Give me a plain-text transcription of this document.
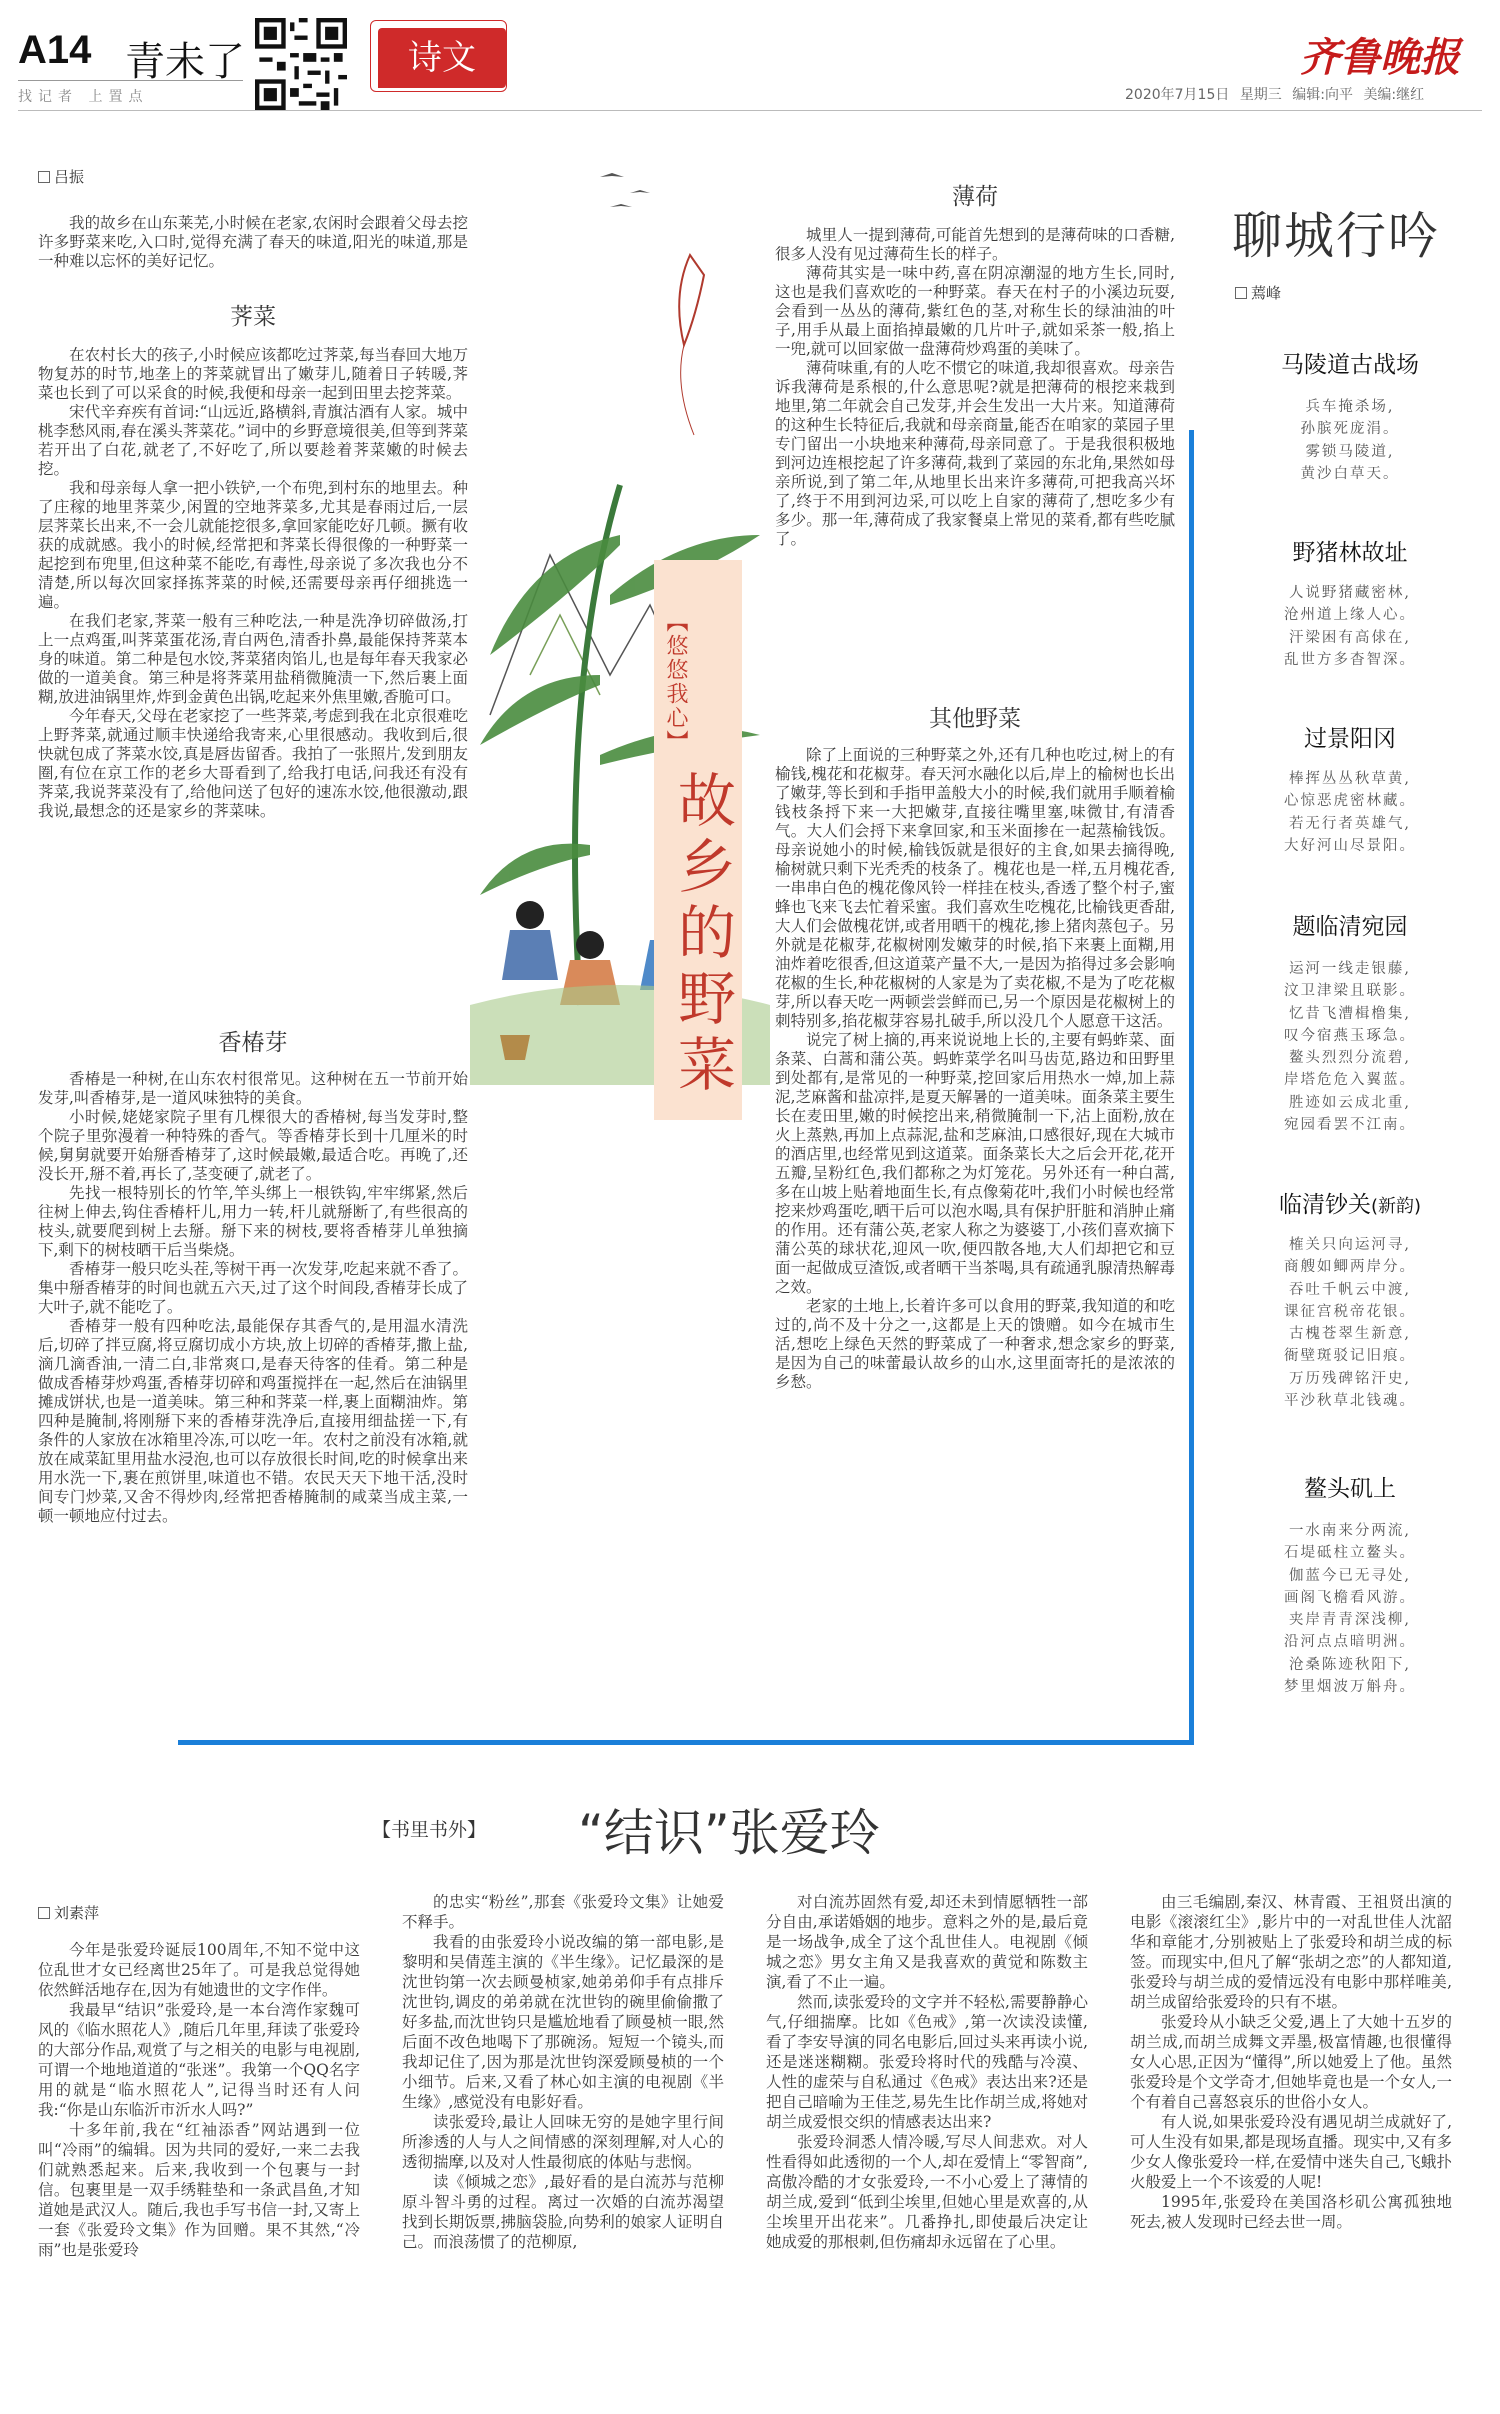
A14 青未了
找记者 上置点
诗文	齐鲁晚报
2020年7月15日 星期三 编辑:向平 美编:继红
吕振

我的故乡在山东莱芜,小时候在老家,农闲时会跟着父母去挖许多野菜来吃,入口时,觉得充满了春天的味道,阳光的味道,那是一种难以忘怀的美好记忆。

荠菜

在农村长大的孩子,小时候应该都吃过荠菜,每当春回大地万物复苏的时节,地垄上的荠菜就冒出了嫩芽儿,随着日子转暖,荠菜也长到了可以采食的时候,我便和母亲一起到田里去挖荠菜。

宋代辛弃疾有首词:“山远近,路横斜,青旗沽酒有人家。城中桃李愁风雨,春在溪头荠菜花。”词中的乡野意境很美,但等到荠菜若开出了白花,就老了,不好吃了,所以要趁着荠菜嫩的时候去挖。

我和母亲每人拿一把小铁铲,一个布兜,到村东的地里去。种了庄稼的地里荠菜少,闲置的空地荠菜多,尤其是春雨过后,一层层荠菜长出来,不一会儿就能挖很多,拿回家能吃好几顿。撅有收获的成就感。我小的时候,经常把和荠菜长得很像的一种野菜一起挖到布兜里,但这种菜不能吃,有毒性,母亲说了多次我也分不清楚,所以每次回家择拣荠菜的时候,还需要母亲再仔细挑选一遍。

在我们老家,荠菜一般有三种吃法,一种是洗净切碎做汤,打上一点鸡蛋,叫荠菜蛋花汤,青白两色,清香扑鼻,最能保持荠菜本身的味道。第二种是包水饺,荠菜猪肉馅儿,也是每年春天我家必做的一道美食。第三种是将荠菜用盐稍微腌渍一下,然后裹上面糊,放进油锅里炸,炸到金黄色出锅,吃起来外焦里嫩,香脆可口。

今年春天,父母在老家挖了一些荠菜,考虑到我在北京很难吃上野荠菜,就通过顺丰快递给我寄来,心里很感动。我收到后,很快就包成了荠菜水饺,真是唇齿留香。我拍了一张照片,发到朋友圈,有位在京工作的老乡大哥看到了,给我打电话,问我还有没有荠菜,我说荠菜没有了,给他问送了包好的速冻水饺,他很激动,跟我说,最想念的还是家乡的荠菜味。

香椿芽

香椿是一种树,在山东农村很常见。这种树在五一节前开始发芽,叫香椿芽,是一道风味独特的美食。

小时候,姥姥家院子里有几棵很大的香椿树,每当发芽时,整个院子里弥漫着一种特殊的香气。等香椿芽长到十几厘米的时候,舅舅就要开始掰香椿芽了,这时候最嫩,最适合吃。再晚了,还没长开,掰不着,再长了,茎变硬了,就老了。

先找一根特别长的竹竿,竿头绑上一根铁钩,牢牢绑紧,然后往树上伸去,钩住香椿杆儿,用力一转,杆儿就掰断了,有些很高的枝头,就要爬到树上去掰。掰下来的树枝,要将香椿芽儿单独摘下,剩下的树枝晒干后当柴烧。

香椿芽一般只吃头茬,等树干再一次发芽,吃起来就不香了。集中掰香椿芽的时间也就五六天,过了这个时间段,香椿芽长成了大叶子,就不能吃了。

香椿芽一般有四种吃法,最能保存其香气的,是用温水清洗后,切碎了拌豆腐,将豆腐切成小方块,放上切碎的香椿芽,撒上盐,滴几滴香油,一清二白,非常爽口,是春天待客的佳肴。第二种是做成香椿芽炒鸡蛋,香椿芽切碎和鸡蛋搅拌在一起,然后在油锅里摊成饼状,也是一道美味。第三种和荠菜一样,裹上面糊油炸。第四种是腌制,将刚掰下来的香椿芽洗净后,直接用细盐搓一下,有条件的人家放在冰箱里冷冻,可以吃一年。农村之前没有冰箱,就放在咸菜缸里用盐水浸泡,也可以存放很长时间,吃的时候拿出来用水洗一下,裹在煎饼里,味道也不错。农民天天下地干活,没时间专门炒菜,又舍不得炒肉,经常把香椿腌制的咸菜当成主菜,一顿一顿地应付过去。

【悠悠我心】
故乡的野菜
薄荷

城里人一提到薄荷,可能首先想到的是薄荷味的口香糖,很多人没有见过薄荷生长的样子。

薄荷其实是一味中药,喜在阴凉潮湿的地方生长,同时,这也是我们喜欢吃的一种野菜。春天在村子的小溪边玩耍,会看到一丛丛的薄荷,紫红色的茎,对称生长的绿油油的叶子,用手从最上面掐掉最嫩的几片叶子,就如采茶一般,掐上一兜,就可以回家做一盘薄荷炒鸡蛋的美味了。

薄荷味重,有的人吃不惯它的味道,我却很喜欢。母亲告诉我薄荷是系根的,什么意思呢?就是把薄荷的根挖来栽到地里,第二年就会自己发芽,并会生发出一大片来。知道薄荷的这种生长特征后,我就和母亲商量,能否在咱家的菜园子里专门留出一小块地来种薄荷,母亲同意了。于是我很积极地到河边连根挖起了许多薄荷,栽到了菜园的东北角,果然如母亲所说,到了第二年,从地里长出来许多薄荷,可把我高兴坏了,终于不用到河边采,可以吃上自家的薄荷了,想吃多少有多少。那一年,薄荷成了我家餐桌上常见的菜肴,都有些吃腻了。

其他野菜

除了上面说的三种野菜之外,还有几种也吃过,树上的有榆钱,槐花和花椒芽。春天河水融化以后,岸上的榆树也长出了嫩芽,等长到和手指甲盖般大小的时候,我们就用手顺着榆钱枝条捋下来一大把嫩芽,直接往嘴里塞,味微甘,有清香气。大人们会捋下来拿回家,和玉米面掺在一起蒸榆钱饭。母亲说她小的时候,榆钱饭就是很好的主食,如果去摘得晚,榆树就只剩下光秃秃的枝条了。槐花也是一样,五月槐花香,一串串白色的槐花像风铃一样挂在枝头,香透了整个村子,蜜蜂也飞来飞去忙着采蜜。我们喜欢生吃槐花,比榆钱更香甜,大人们会做槐花饼,或者用晒干的槐花,掺上猪肉蒸包子。另外就是花椒芽,花椒树刚发嫩芽的时候,掐下来裹上面糊,用油炸着吃很香,但这道菜产量不大,一是因为掐得过多会影响花椒的生长,种花椒树的人家是为了卖花椒,不是为了吃花椒芽,所以春天吃一两顿尝尝鲜而已,另一个原因是花椒树上的刺特别多,掐花椒芽容易扎破手,所以没几个人愿意干这活。

说完了树上摘的,再来说说地上长的,主要有蚂蚱菜、面条菜、白蒿和蒲公英。蚂蚱菜学名叫马齿苋,路边和田野里到处都有,是常见的一种野菜,挖回家后用热水一焯,加上蒜泥,芝麻酱和盐凉拌,是夏天解暑的一道美味。面条菜主要生长在麦田里,嫩的时候挖出来,稍微腌制一下,沾上面粉,放在火上蒸熟,再加上点蒜泥,盐和芝麻油,口感很好,现在大城市的酒店里,也经常见到这道菜。面条菜长大之后会开花,花开五瓣,呈粉红色,我们都称之为灯笼花。另外还有一种白蒿,多在山坡上贴着地面生长,有点像菊花叶,我们小时候也经常挖来炒鸡蛋吃,晒干后可以泡水喝,具有保护肝脏和消肿止痛的作用。还有蒲公英,老家人称之为婆婆丁,小孩们喜欢摘下蒲公英的球状花,迎风一吹,便四散各地,大人们却把它和豆面一起做成豆渣饭,或者晒干当茶喝,具有疏通乳腺清热解毒之效。

老家的土地上,长着许多可以食用的野菜,我知道的和吃过的,尚不及十分之一,这都是上天的馈赠。如今在城市生活,想吃上绿色天然的野菜成了一种奢求,想念家乡的野菜,是因为自己的味蕾最认故乡的山水,这里面寄托的是浓浓的乡愁。

聊城行吟
蔫峰
马陵道古战场
兵车掩杀场,
孙膑死庞涓。
雾锁马陵道,
黄沙白草天。
野猪林故址
人说野猪藏密林,
沧州道上缘人心。
汗梁困有高俅在,
乱世方多杳智深。
过景阳冈
棒挥丛丛秋草黄,
心惊恶虎密林藏。
若无行者英雄气,
大好河山尽景阳。
题临清宛园
运河一线走银藤,
汶卫津梁且联影。
忆昔飞漕楫橹集,
叹今宿燕玉琢急。
鳌头烈烈分流碧,
岸塔危危入翼蓝。
胜迹如云成北重,
宛园看罢不江南。
临清钞关(新韵)
榷关只向运河寻,
商艘如鲫两岸分。
吞吐千帆云中渡,
课征宫税帝花银。
古槐苍翠生新意,
衙壁斑驳记旧痕。
万历残碑铭汗史,
平沙秋草北钱魂。
鳌头矶上
一水南来分两流,
石堤砥柱立鳌头。
伽蓝今已无寻处,
画阁飞檐看风游。
夹岸青青深浅柳,
沿河点点暗明洲。
沧桑陈迹秋阳下,
梦里烟波万斛舟。
【书里书外】 “结识”张爱玲
刘素萍

今年是张爱玲诞辰100周年,不知不觉中这位乱世才女已经离世25年了。可是我总觉得她依然鲜活地存在,因为有她遗世的文字作伴。

我最早“结识”张爱玲,是一本台湾作家魏可风的《临水照花人》,随后几年里,拜读了张爱玲的大部分作品,观赏了与之相关的电影与电视剧,可谓一个地地道道的“张迷”。我第一个QQ名字用的就是“临水照花人”,记得当时还有人问我:“你是山东临沂市沂水人吗?”

十多年前,我在“红袖添香”网站遇到一位叫“冷雨”的编辑。因为共同的爱好,一来二去我们就熟悉起来。后来,我收到一个包裹与一封信。包裹里是一双手绣鞋垫和一条武昌鱼,才知道她是武汉人。随后,我也手写书信一封,又寄上一套《张爱玲文集》作为回赠。果不其然,“冷雨”也是张爱玲

的忠实“粉丝”,那套《张爱玲文集》让她爱不释手。

我看的由张爱玲小说改编的第一部电影,是黎明和吴倩莲主演的《半生缘》。记忆最深的是沈世钧第一次去顾曼桢家,她弟弟仰手有点排斥沈世钧,调皮的弟弟就在沈世钧的碗里偷偷撒了好多盐,而沈世钧只是尴尬地看了顾曼桢一眼,然后面不改色地喝下了那碗汤。短短一个镜头,而我却记住了,因为那是沈世钧深爱顾曼桢的一个小细节。后来,又看了林心如主演的电视剧《半生缘》,感觉没有电影好看。

读张爱玲,最让人回味无穷的是她字里行间所渗透的人与人之间情感的深刻理解,对人心的透彻揣摩,以及对人性最彻底的体贴与悲悯。

读《倾城之恋》,最好看的是白流苏与范柳原斗智斗勇的过程。离过一次婚的白流苏渴望找到长期饭票,拂脑袋脸,向势利的娘家人证明自己。而浪荡惯了的范柳原,

对白流苏固然有爱,却还未到情愿牺牲一部分自由,承诺婚姻的地步。意料之外的是,最后竟是一场战争,成全了这个乱世佳人。电视剧《倾城之恋》男女主角又是我喜欢的黄觉和陈数主演,看了不止一遍。

然而,读张爱玲的文字并不轻松,需要静静心气,仔细揣摩。比如《色戒》,第一次读没读懂,看了李安导演的同名电影后,回过头来再读小说,还是迷迷糊糊。张爱玲将时代的残酷与冷漠、人性的虚荣与自私通过《色戒》表达出来?还是把自己暗喻为王佳芝,易先生比作胡兰成,将她对胡兰成爱恨交织的情感表达出来?

张爱玲洞悉人情冷暖,写尽人间悲欢。对人性看得如此透彻的一个人,却在爱情上“零智商”,高傲冷酷的才女张爱玲,一不小心爱上了薄情的胡兰成,爱到“低到尘埃里,但她心里是欢喜的,从尘埃里开出花来”。几番挣扎,即使最后决定让她成爱的那根刺,但伤痛却永远留在了心里。

由三毛编剧,秦汉、林青霞、王祖贤出演的电影《滚滚红尘》,影片中的一对乱世佳人沈韶华和章能才,分别被贴上了张爱玲和胡兰成的标签。而现实中,但凡了解“张胡之恋”的人都知道,张爱玲与胡兰成的爱情远没有电影中那样唯美,胡兰成留给张爱玲的只有不堪。

张爱玲从小缺乏父爱,遇上了大她十五岁的胡兰成,而胡兰成舞文弄墨,极富情趣,也很懂得女人心思,正因为“懂得”,所以她爱上了他。虽然张爱玲是个文学奇才,但她毕竟也是一个女人,一个有着自己喜怒哀乐的世俗小女人。

有人说,如果张爱玲没有遇见胡兰成就好了,可人生没有如果,都是现场直播。现实中,又有多少女人像张爱玲一样,在爱情中迷失自己,飞蛾扑火般爱上一个不该爱的人呢!

1995年,张爱玲在美国洛杉矶公寓孤独地死去,被人发现时已经去世一周。
